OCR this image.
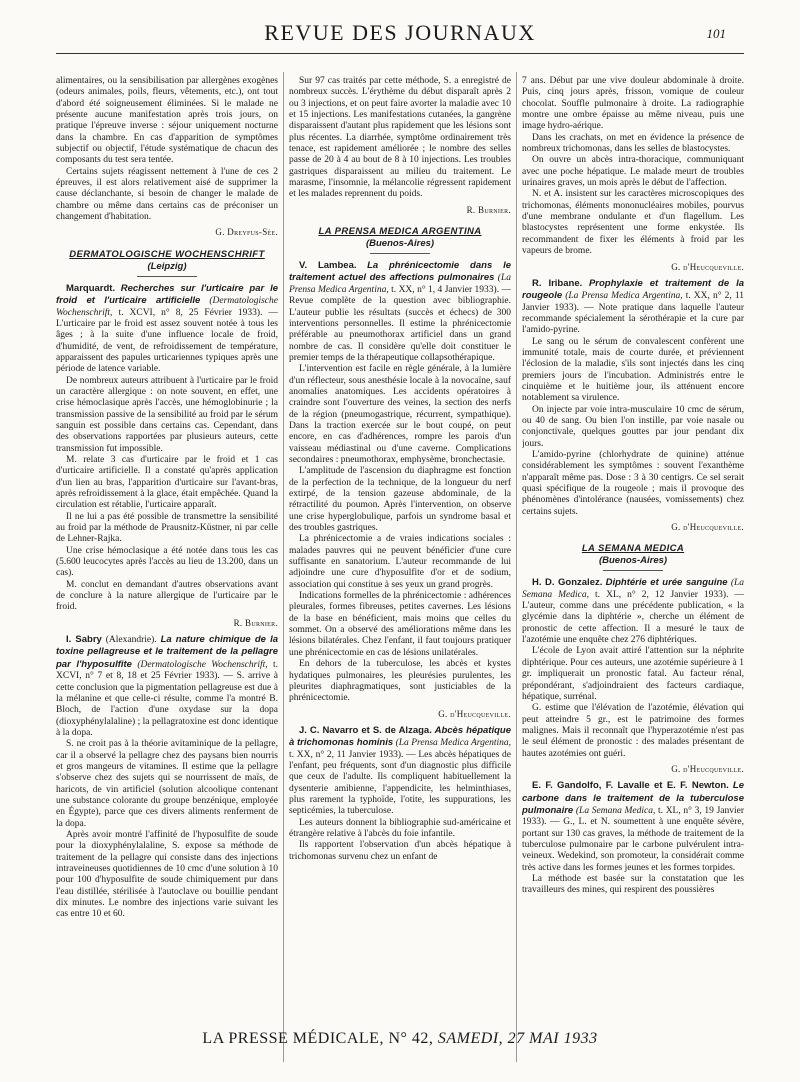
REVUE DES JOURNAUX	101

alimentaires, ou la sensibilisation par allergènes exogènes (odeurs animales, poils, fleurs, vêtements, etc.), ont tout d'abord été soigneusement éliminées. Si le malade ne présente aucune manifestation après trois jours, on pratique l'épreuve inverse : séjour uniquement nocturne dans la chambre. En cas d'apparition de symptômes subjectif ou objectif, l'étude systématique de chacun des composants du test sera tentée.

Certains sujets réagissent nettement à l'une de ces 2 épreuves, il est alors relativement aisé de supprimer la cause déclanchante, si besoin de changer le malade de chambre ou même dans certains cas de préconiser un changement d'habitation.

G. Dreyfus-Sée.

DERMATOLOGISCHE WOCHENSCHRIFT
(Leipzig)

Marquardt. Recherches sur l'urticaire par le froid et l'urticaire artificielle (Dermatologische Wochenschrift, t. XCVI, n° 8, 25 Février 1933). — L'urticaire par le froid est assez souvent notée à tous les âges ; à la suite d'une influence locale de froid, d'humidité, de vent, de refroidissement de température, apparaissent des papules urticariennes typiques après une période de latence variable.

De nombreux auteurs attribuent à l'urticaire par le froid un caractère allergique : on note souvent, en effet, une crise hémoclasique après l'accès, une hémoglobinurie ; la transmission passive de la sensibilité au froid par le sérum sanguin est possible dans certains cas. Cependant, dans des observations rapportées par plusieurs auteurs, cette transmission fut impossible.

M. relate 3 cas d'urticaire par le froid et 1 cas d'urticaire artificielle. Il a constaté qu'après application d'un lien au bras, l'apparition d'urticaire sur l'avant-bras, après refroidissement à la glace, était empêchée. Quand la circulation est rétablie, l'urticaire apparaît.

Il ne lui a pas été possible de transmettre la sensibilité au froid par la méthode de Prausnitz-Küstner, ni par celle de Lehner-Rajka.

Une crise hémoclasique a été notée dans tous les cas (5.600 leucocytes après l'accès au lieu de 13.200, dans un cas).

M. conclut en demandant d'autres observations avant de conclure à la nature allergique de l'urticaire par le froid.

R. Burnier.

I. Sabry (Alexandrie). La nature chimique de la toxine pellagreuse et le traitement de la pellagre par l'hyposulfite (Dermatologische Wochenschrift, t. XCVI, n° 7 et 8, 18 et 25 Février 1933). — S. arrive à cette conclusion que la pigmentation pellagreuse est due à la mélanine et que celle-ci résulte, comme l'a montré B. Bloch, de l'action d'une oxydase sur la dopa (dioxyphénylalaline) ; la pellagratoxine est donc identique à la dopa.

S. ne croit pas à la théorie avitaminique de la pellagre, car il a observé la pellagre chez des paysans bien nourris et gros mangeurs de vitamines. Il estime que la pellagre s'observe chez des sujets qui se nourrissent de maïs, de haricots, de vin artificiel (solution alcoolique contenant une substance colorante du groupe benzénique, employée en Égypte), parce que ces divers aliments renferment de la dopa.

Après avoir montré l'affinité de l'hyposulfite de soude pour la dioxyphénylalaline, S. expose sa méthode de traitement de la pellagre qui consiste dans des injections intraveineuses quotidiennes de 10 cmc d'une solution à 10 pour 100 d'hyposulfite de soude chimiquement pur dans l'eau distillée, stérilisée à l'autoclave ou bouillie pendant dix minutes. Le nombre des injections varie suivant les cas entre 10 et 60.

Sur 97 cas traités par cette méthode, S. a enregistré de nombreux succès. L'érythème du début disparaît après 2 ou 3 injections, et on peut faire avorter la maladie avec 10 et 15 injections. Les manifestations cutanées, la gangrène disparaissent d'autant plus rapidement que les lésions sont plus récentes. La diarrhée, symptôme ordinairement très tenace, est rapidement améliorée ; le nombre des selles passe de 20 à 4 au bout de 8 à 10 injections. Les troubles gastriques disparaissent au milieu du traitement. Le marasme, l'insomnie, la mélancolie régressent rapidement et les malades reprennent du poids.

R. Burnier.

LA PRENSA MEDICA ARGENTINA
(Buenos-Aires)

V. Lambea. La phrénicectomie dans le traitement actuel des affections pulmonaires (La Prensa Medica Argentina, t. XX, n° 1, 4 Janvier 1933). — Revue complète de la question avec bibliographie. L'auteur publie les résultats (succès et échecs) de 300 interventions personnelles. Il estime la phrénicectomie préférable au pneumothorax artificiel dans un grand nombre de cas. Il considère qu'elle doit constituer le premier temps de la thérapeutique collapsothérapique.

L'intervention est facile en règle générale, à la lumière d'un réflecteur, sous anesthésie locale à la novocaïne, sauf anomalies anatomiques. Les accidents opératoires à craindre sont l'ouverture des veines, la section des nerfs de la région (pneumogastrique, récurrent, sympathique). Dans la traction exercée sur le bout coupé, on peut encore, en cas d'adhérences, rompre les parois d'un vaisseau médiastinal ou d'une caverne. Complications secondaires : pneumothorax, emphysème, bronchectasie.

L'amplitude de l'ascension du diaphragme est fonction de la perfection de la technique, de la longueur du nerf extirpé, de la tension gazeuse abdominale, de la rétractilité du poumon. Après l'intervention, on observe une crise hyperglobulique, parfois un syndrome basal et des troubles gastriques.

La phrénicectomie a de vraies indications sociales : malades pauvres qui ne peuvent bénéficier d'une cure suffisante en sanatorium. L'auteur recommande de lui adjoindre une cure d'hyposulfite d'or et de sodium, association qui constitue à ses yeux un grand progrès.

Indications formelles de la phrénicectomie : adhérences pleurales, formes fibreuses, petites cavernes. Les lésions de la base en bénéficient, mais moins que celles du sommet. On a observé des améliorations même dans les lésions bilatérales. Chez l'enfant, il faut toujours pratiquer une phrénicectomie en cas de lésions unilatérales.

En dehors de la tuberculose, les abcès et kystes hydatiques pulmonaires, les pleurésies purulentes, les pleurites diaphragmatiques, sont justiciables de la phrénicectomie.

G. d'Heucqueville.

J. C. Navarro et S. de Alzaga. Abcès hépatique à trichomonas hominis (La Prensa Medica Argentina, t. XX, n° 2, 11 Janvier 1933). — Les abcès hépatiques de l'enfant, peu fréquents, sont d'un diagnostic plus difficile que ceux de l'adulte. Ils compliquent habituellement la dysenterie amibienne, l'appendicite, les helminthiases, plus rarement la typhoïde, l'otite, les suppurations, les septicémies, la tuberculose.

Les auteurs donnent la bibliographie sud-américaine et étrangère relative à l'abcès du foie infantile.

Ils rapportent l'observation d'un abcès hépatique à trichomonas survenu chez un enfant de

7 ans. Début par une vive douleur abdominale à droite. Puis, cinq jours après, frisson, vomique de couleur chocolat. Souffle pulmonaire à droite. La radiographie montre une ombre épaisse au même niveau, puis une image hydro-aérique.

Dans les crachats, on met en évidence la présence de nombreux trichomonas, dans les selles de blastocystes.

On ouvre un abcès intra-thoracique, communiquant avec une poche hépatique. Le malade meurt de troubles urinaires graves, un mois après le début de l'affection.

N. et A. insistent sur les caractères microscopiques des trichomonas, éléments mononucléaires mobiles, pourvus d'une membrane ondulante et d'un flagellum. Les blastocystes représentent une forme enkystée. Ils recommandent de fixer les éléments à froid par les vapeurs de brome.

G. d'Heucqueville.

R. Iribane. Prophylaxie et traitement de la rougeole (La Prensa Medica Argentina, t. XX, n° 2, 11 Janvier 1933). — Note pratique dans laquelle l'auteur recommande spécialement la sérothérapie et la cure par l'amido-pyrine.

Le sang ou le sérum de convalescent confèrent une immunité totale, mais de courte durée, et préviennent l'éclosion de la maladie, s'ils sont injectés dans les cinq premiers jours de l'incubation. Administrés entre le cinquième et le huitième jour, ils atténuent encore notablement sa virulence.

On injecte par voie intra-musculaire 10 cmc de sérum, ou 40 de sang. Ou bien l'on instille, par voie nasale ou conjonctivale, quelques gouttes par jour pendant dix jours.

L'amido-pyrine (chlorhydrate de quinine) atténue considérablement les symptômes : souvent l'exanthème n'apparaît même pas. Dose : 3 à 30 centigrs. Ce sel serait quasi spécifique de la rougeole ; mais il provoque des phénomènes d'intolérance (nausées, vomissements) chez certains sujets.

G. d'Heucqueville.

LA SEMANA MEDICA
(Buenos-Aires)

H. D. Gonzalez. Diphtérie et urée sanguine (La Semana Medica, t. XL, n° 2, 12 Janvier 1933). — L'auteur, comme dans une précédente publication, « la glycémie dans la diphtérie », cherche un élément de pronostic de cette affection. Il a mesuré le taux de l'azotémie une enquête chez 276 diphtériques.

L'école de Lyon avait attiré l'attention sur la néphrite diphtérique. Pour ces auteurs, une azotémie supérieure à 1 gr. impliquerait un pronostic fatal. Au facteur rénal, prépondérant, s'adjoindraient des facteurs cardiaque, hépatique, surrénal.

G. estime que l'élévation de l'azotémie, élévation qui peut atteindre 5 gr., est le patrimoine des formes malignes. Mais il reconnaît que l'hyperazotémie n'est pas le seul élément de pronostic : des malades présentant de hautes azotémies ont guéri.

G. d'Heucqueville.

E. F. Gandolfo, F. Lavalle et E. F. Newton. Le carbone dans le traitement de la tuberculose pulmonaire (La Semana Medica, t. XL, n° 3, 19 Janvier 1933). — G., L. et N. soumettent à une enquête sévère, portant sur 130 cas graves, la méthode de traitement de la tuberculose pulmonaire par le carbone pulvérulent intra-veineux. Wedekind, son promoteur, la considérait comme très active dans les formes jeunes et les formes torpides.

La méthode est basée sur la constatation que les travailleurs des mines, qui respirent des poussières

LA PRESSE MÉDICALE, N° 42, SAMEDI, 27 MAI 1933
